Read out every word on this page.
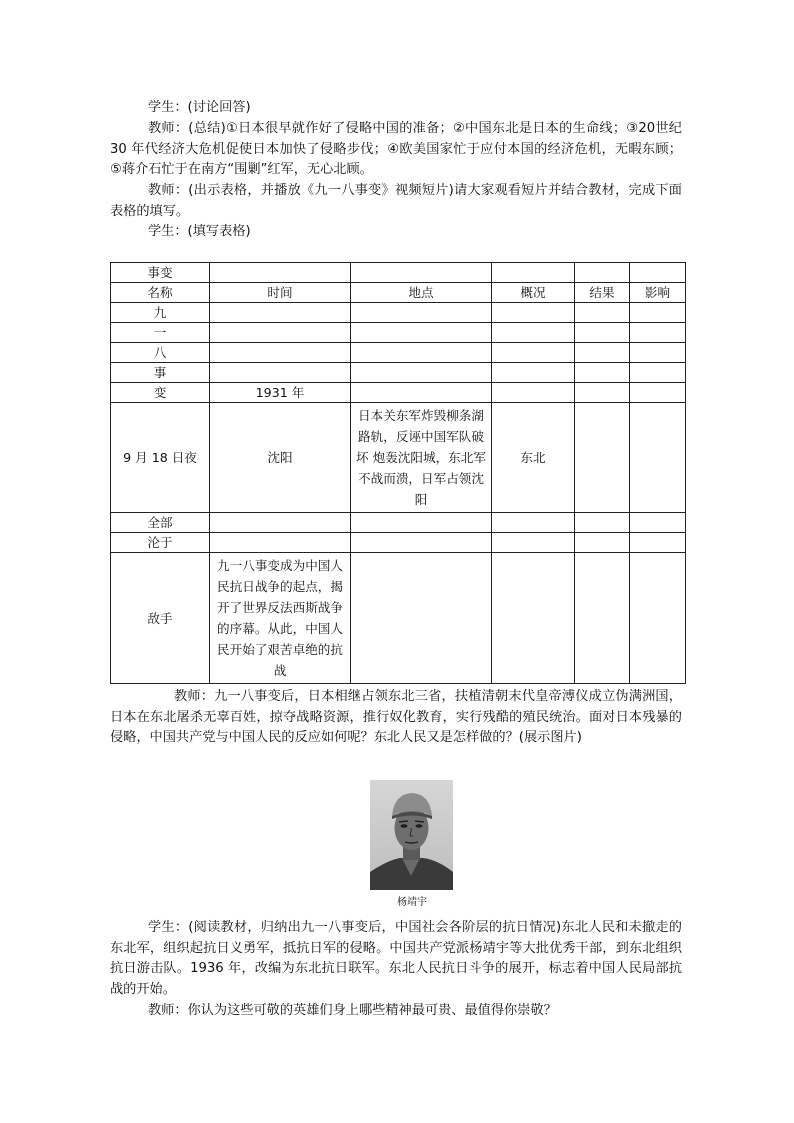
学生：(讨论回答)

教师：(总结)①日本很早就作好了侵略中国的准备；②中国东北是日本的生命线；③20世纪 30 年代经济大危机促使日本加快了侵略步伐；④欧美国家忙于应付本国的经济危机，无暇东顾；⑤蒋介石忙于在南方“围剿”红军，无心北顾。

教师：(出示表格，并播放《九一八事变》视频短片)请大家观看短片并结合教材，完成下面表格的填写。

学生：(填写表格)

事变					
名称	时间	地点	概况	结果	影响
九					
一					
八					
事					
变	1931 年				
9 月 18 日夜	沈阳	日本关东军炸毁柳条湖路轨，反诬中国军队破坏 炮轰沈阳城，东北军不战而溃，日军占领沈阳	东北		
全部					
沦于					
敌手	九一八事变成为中国人民抗日战争的起点，揭开了世界反法西斯战争的序幕。从此，中国人民开始了艰苦卓绝的抗战				

教师：九一八事变后，日本相继占领东北三省，扶植清朝末代皇帝溥仪成立伪满洲国，日本在东北屠杀无辜百姓，掠夺战略资源，推行奴化教育，实行残酷的殖民统治。面对日本残暴的侵略，中国共产党与中国人民的反应如何呢？东北人民又是怎样做的？(展示图片)

杨靖宇

学生：(阅读教材，归纳出九一八事变后，中国社会各阶层的抗日情况)东北人民和未撤走的东北军，组织起抗日义勇军，抵抗日军的侵略。中国共产党派杨靖宇等大批优秀干部，到东北组织抗日游击队。1936 年，改编为东北抗日联军。东北人民抗日斗争的展开，标志着中国人民局部抗战的开始。

教师：你认为这些可敬的英雄们身上哪些精神最可贵、最值得你崇敬？
